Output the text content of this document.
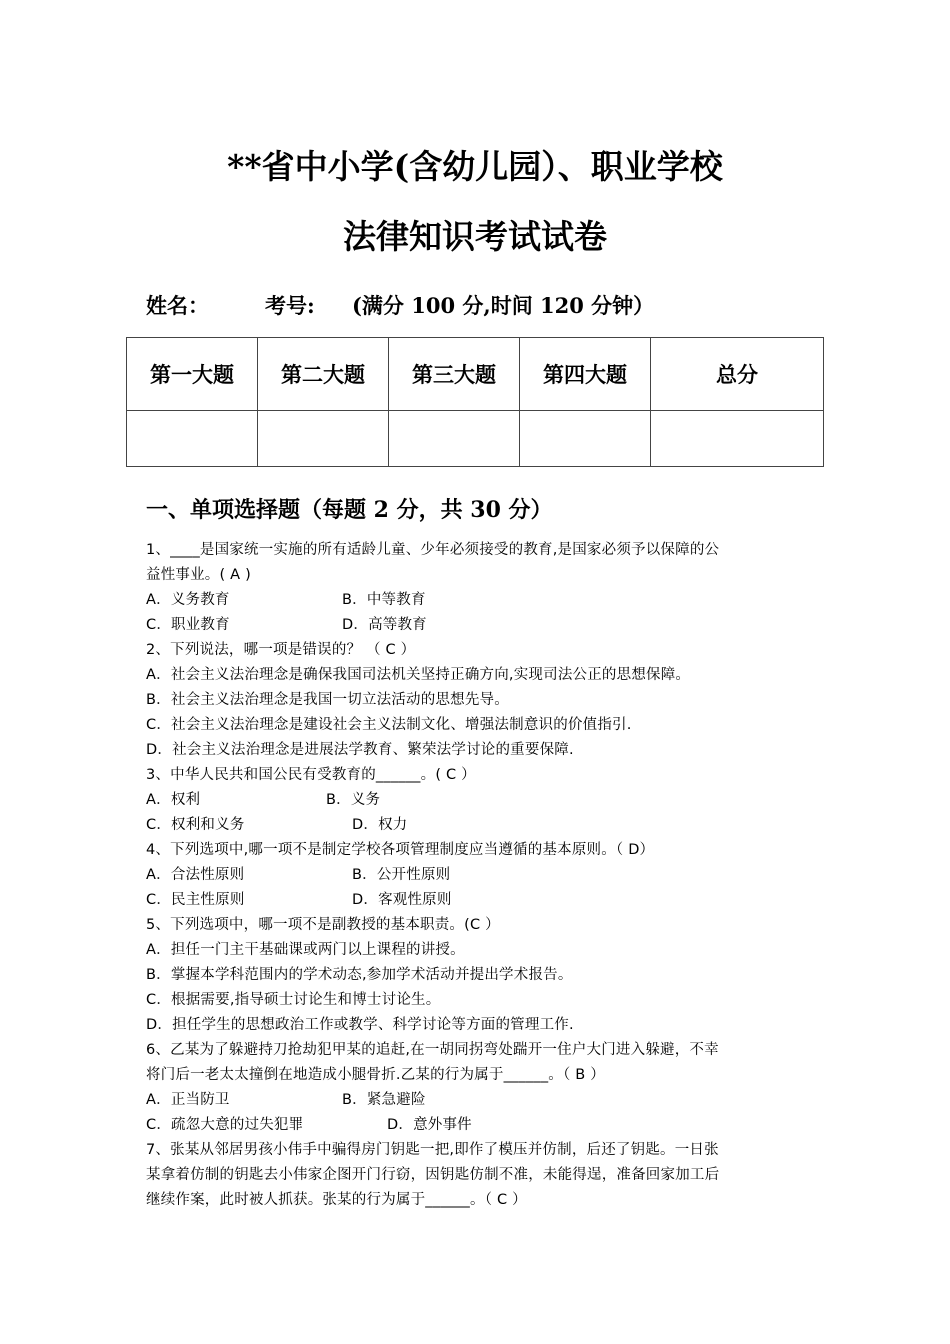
**省中小学(含幼儿园）、职业学校
法律知识考试试卷
姓名：	考号: (满分 100 分,时间 120 分钟）
第一大题	第二大题	第三大题	第四大题	总分

一、单项选择题（每题 2 分，共 30 分）
1、____是国家统一实施的所有适龄儿童、少年必须接受的教育,是国家必须予以保障的公
益性事业。( A )
A．义务教育	B．中等教育
C．职业教育	D．高等教育
2、下列说法，哪一项是错误的？ （ C ）
A．社会主义法治理念是确保我国司法机关坚持正确方向,实现司法公正的思想保障。
B．社会主义法治理念是我国一切立法活动的思想先导。
C．社会主义法治理念是建设社会主义法制文化、增强法制意识的价值指引.
D．社会主义法治理念是进展法学教育、繁荣法学讨论的重要保障.
3、中华人民共和国公民有受教育的______。( C ）
A．权利	B．义务
C．权利和义务	D．权力
4、下列选项中,哪一项不是制定学校各项管理制度应当遵循的基本原则。（ D）
A．合法性原则	B．公开性原则
C．民主性原则	D．客观性原则
5、下列选项中，哪一项不是副教授的基本职责。(C ）
A．担任一门主干基础课或两门以上课程的讲授。
B．掌握本学科范围内的学术动态,参加学术活动并提出学术报告。
C．根据需要,指导硕士讨论生和博士讨论生。
D．担任学生的思想政治工作或教学、科学讨论等方面的管理工作.
6、乙某为了躲避持刀抢劫犯甲某的追赶,在一胡同拐弯处踹开一住户大门进入躲避，不幸
将门后一老太太撞倒在地造成小腿骨折.乙某的行为属于______。（ B ）
A．正当防卫	B．紧急避险
C．疏忽大意的过失犯罪	D．意外事件
7、张某从邻居男孩小伟手中骗得房门钥匙一把,即作了模压并仿制，后还了钥匙。一日张
某拿着仿制的钥匙去小伟家企图开门行窃，因钥匙仿制不准，未能得逞，准备回家加工后
继续作案，此时被人抓获。张某的行为属于______。（ C ）
